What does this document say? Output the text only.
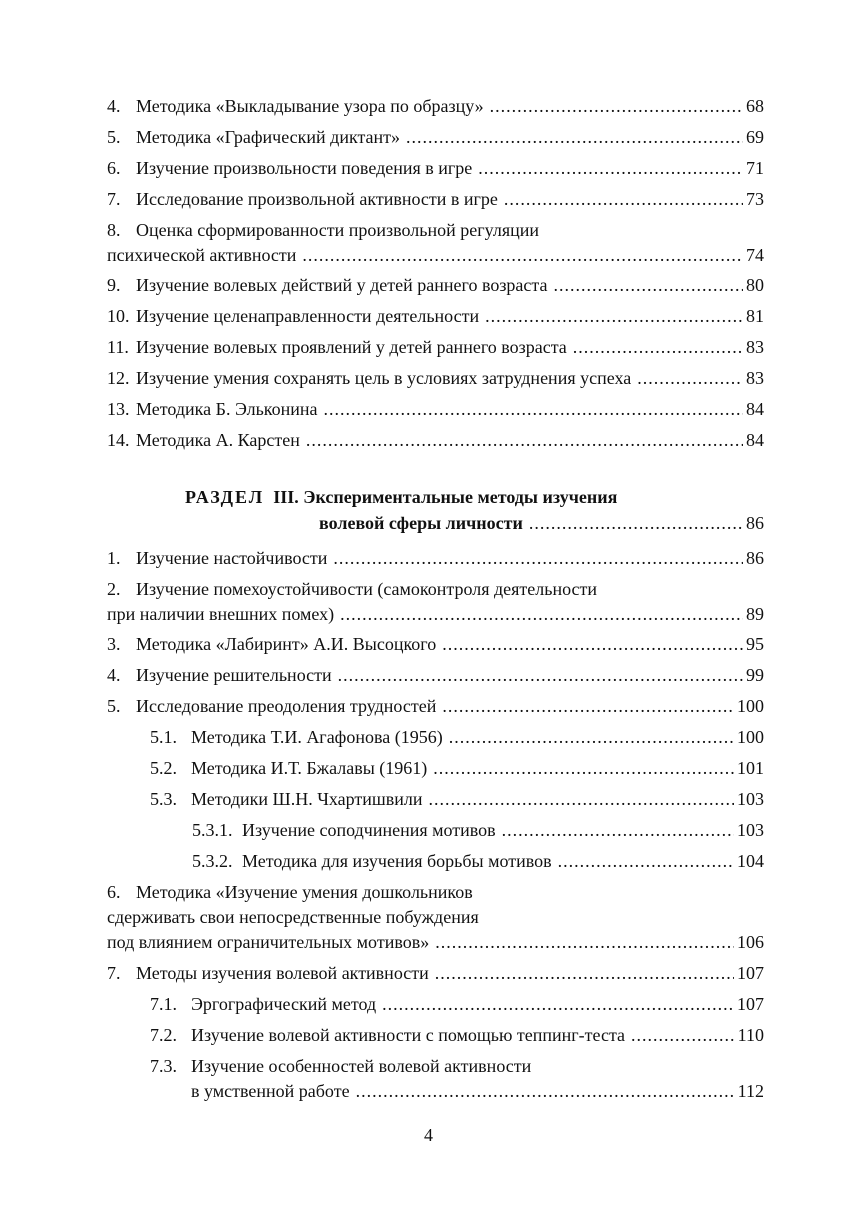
4. Методика «Выкладывание узора по образцу» .....	68
5. Методика «Графический диктант» .....	69
6. Изучение произвольности поведения в игре .....	71
7. Исследование произвольной активности в игре .....	73
8. Оценка сформированности произвольной регуляции
психической активности .....	74
9. Изучение волевых действий у детей раннего возраста .....	80
10. Изучение целенаправленности деятельности .....	81
11. Изучение волевых проявлений у детей раннего возраста .....	83
12. Изучение умения сохранять цель в условиях затруднения успеха .....	83
13. Методика Б. Эльконина .....	84
14. Методика А. Карстен .....	84
РАЗДЕЛ III. Экспериментальные методы изучения
волевой сферы личности .....	86
1. Изучение настойчивости .....	86
2. Изучение помехоустойчивости (самоконтроля деятельности
при наличии внешних помех) .....	89
3. Методика «Лабиринт» А.И. Высоцкого .....	95
4. Изучение решительности .....	99
5. Исследование преодоления трудностей .....	100
5.1. Методика Т.И. Агафонова (1956) .....	100
5.2. Методика И.Т. Бжалавы (1961) .....	101
5.3. Методики Ш.Н. Чхартишвили .....	103
5.3.1. Изучение соподчинения мотивов .....	103
5.3.2. Методика для изучения борьбы мотивов .....	104
6. Методика «Изучение умения дошкольников
сдерживать свои непосредственные побуждения
под влиянием ограничительных мотивов» .....	106
7. Методы изучения волевой активности .....	107
7.1. Эргографический метод .....	107
7.2. Изучение волевой активности с помощью теппинг-теста .....	110
7.3. Изучение особенностей волевой активности
в умственной работе .....	112
4
